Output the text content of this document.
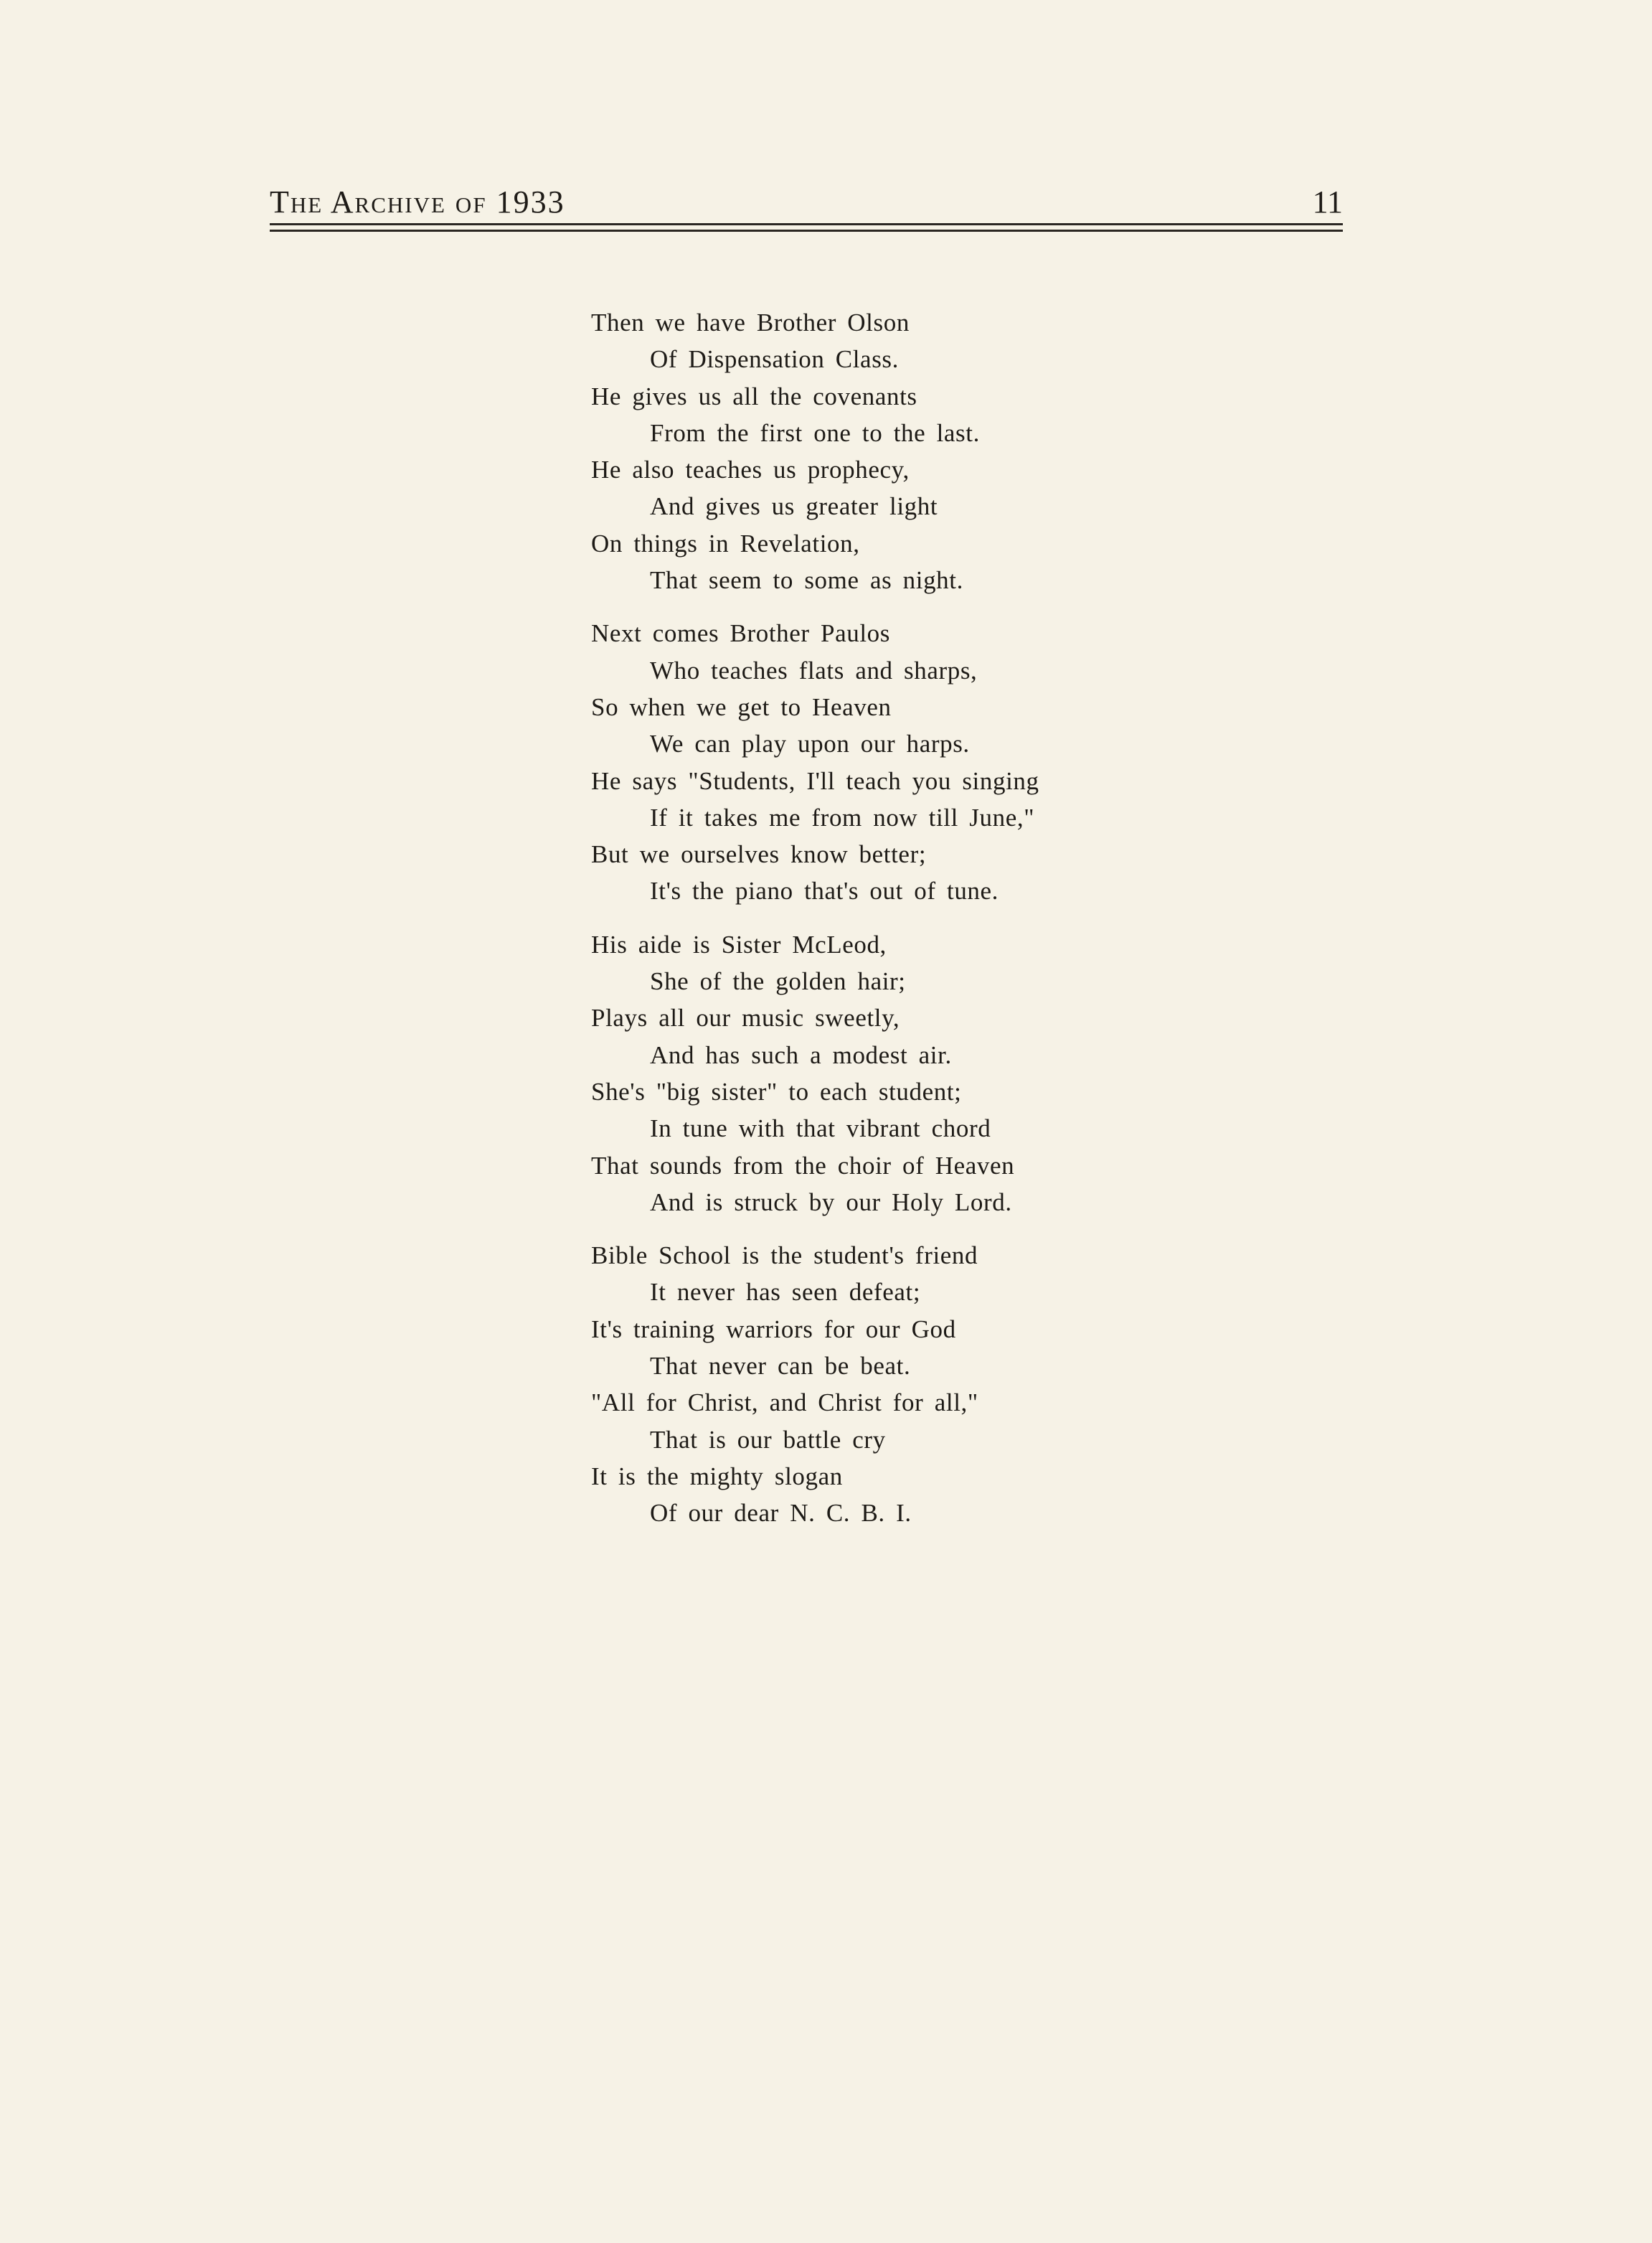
The Archive of 1933	11
Then we have Brother Olson
Of Dispensation Class.
He gives us all the covenants
From the first one to the last.
He also teaches us prophecy,
And gives us greater light
On things in Revelation,
That seem to some as night.
Next comes Brother Paulos
Who teaches flats and sharps,
So when we get to Heaven
We can play upon our harps.
He says "Students, I'll teach you singing
If it takes me from now till June,"
But we ourselves know better;
It's the piano that's out of tune.
His aide is Sister McLeod,
She of the golden hair;
Plays all our music sweetly,
And has such a modest air.
She's "big sister" to each student;
In tune with that vibrant chord
That sounds from the choir of Heaven
And is struck by our Holy Lord.
Bible School is the student's friend
It never has seen defeat;
It's training warriors for our God
That never can be beat.
"All for Christ, and Christ for all,"
That is our battle cry
It is the mighty slogan
Of our dear N. C. B. I.
